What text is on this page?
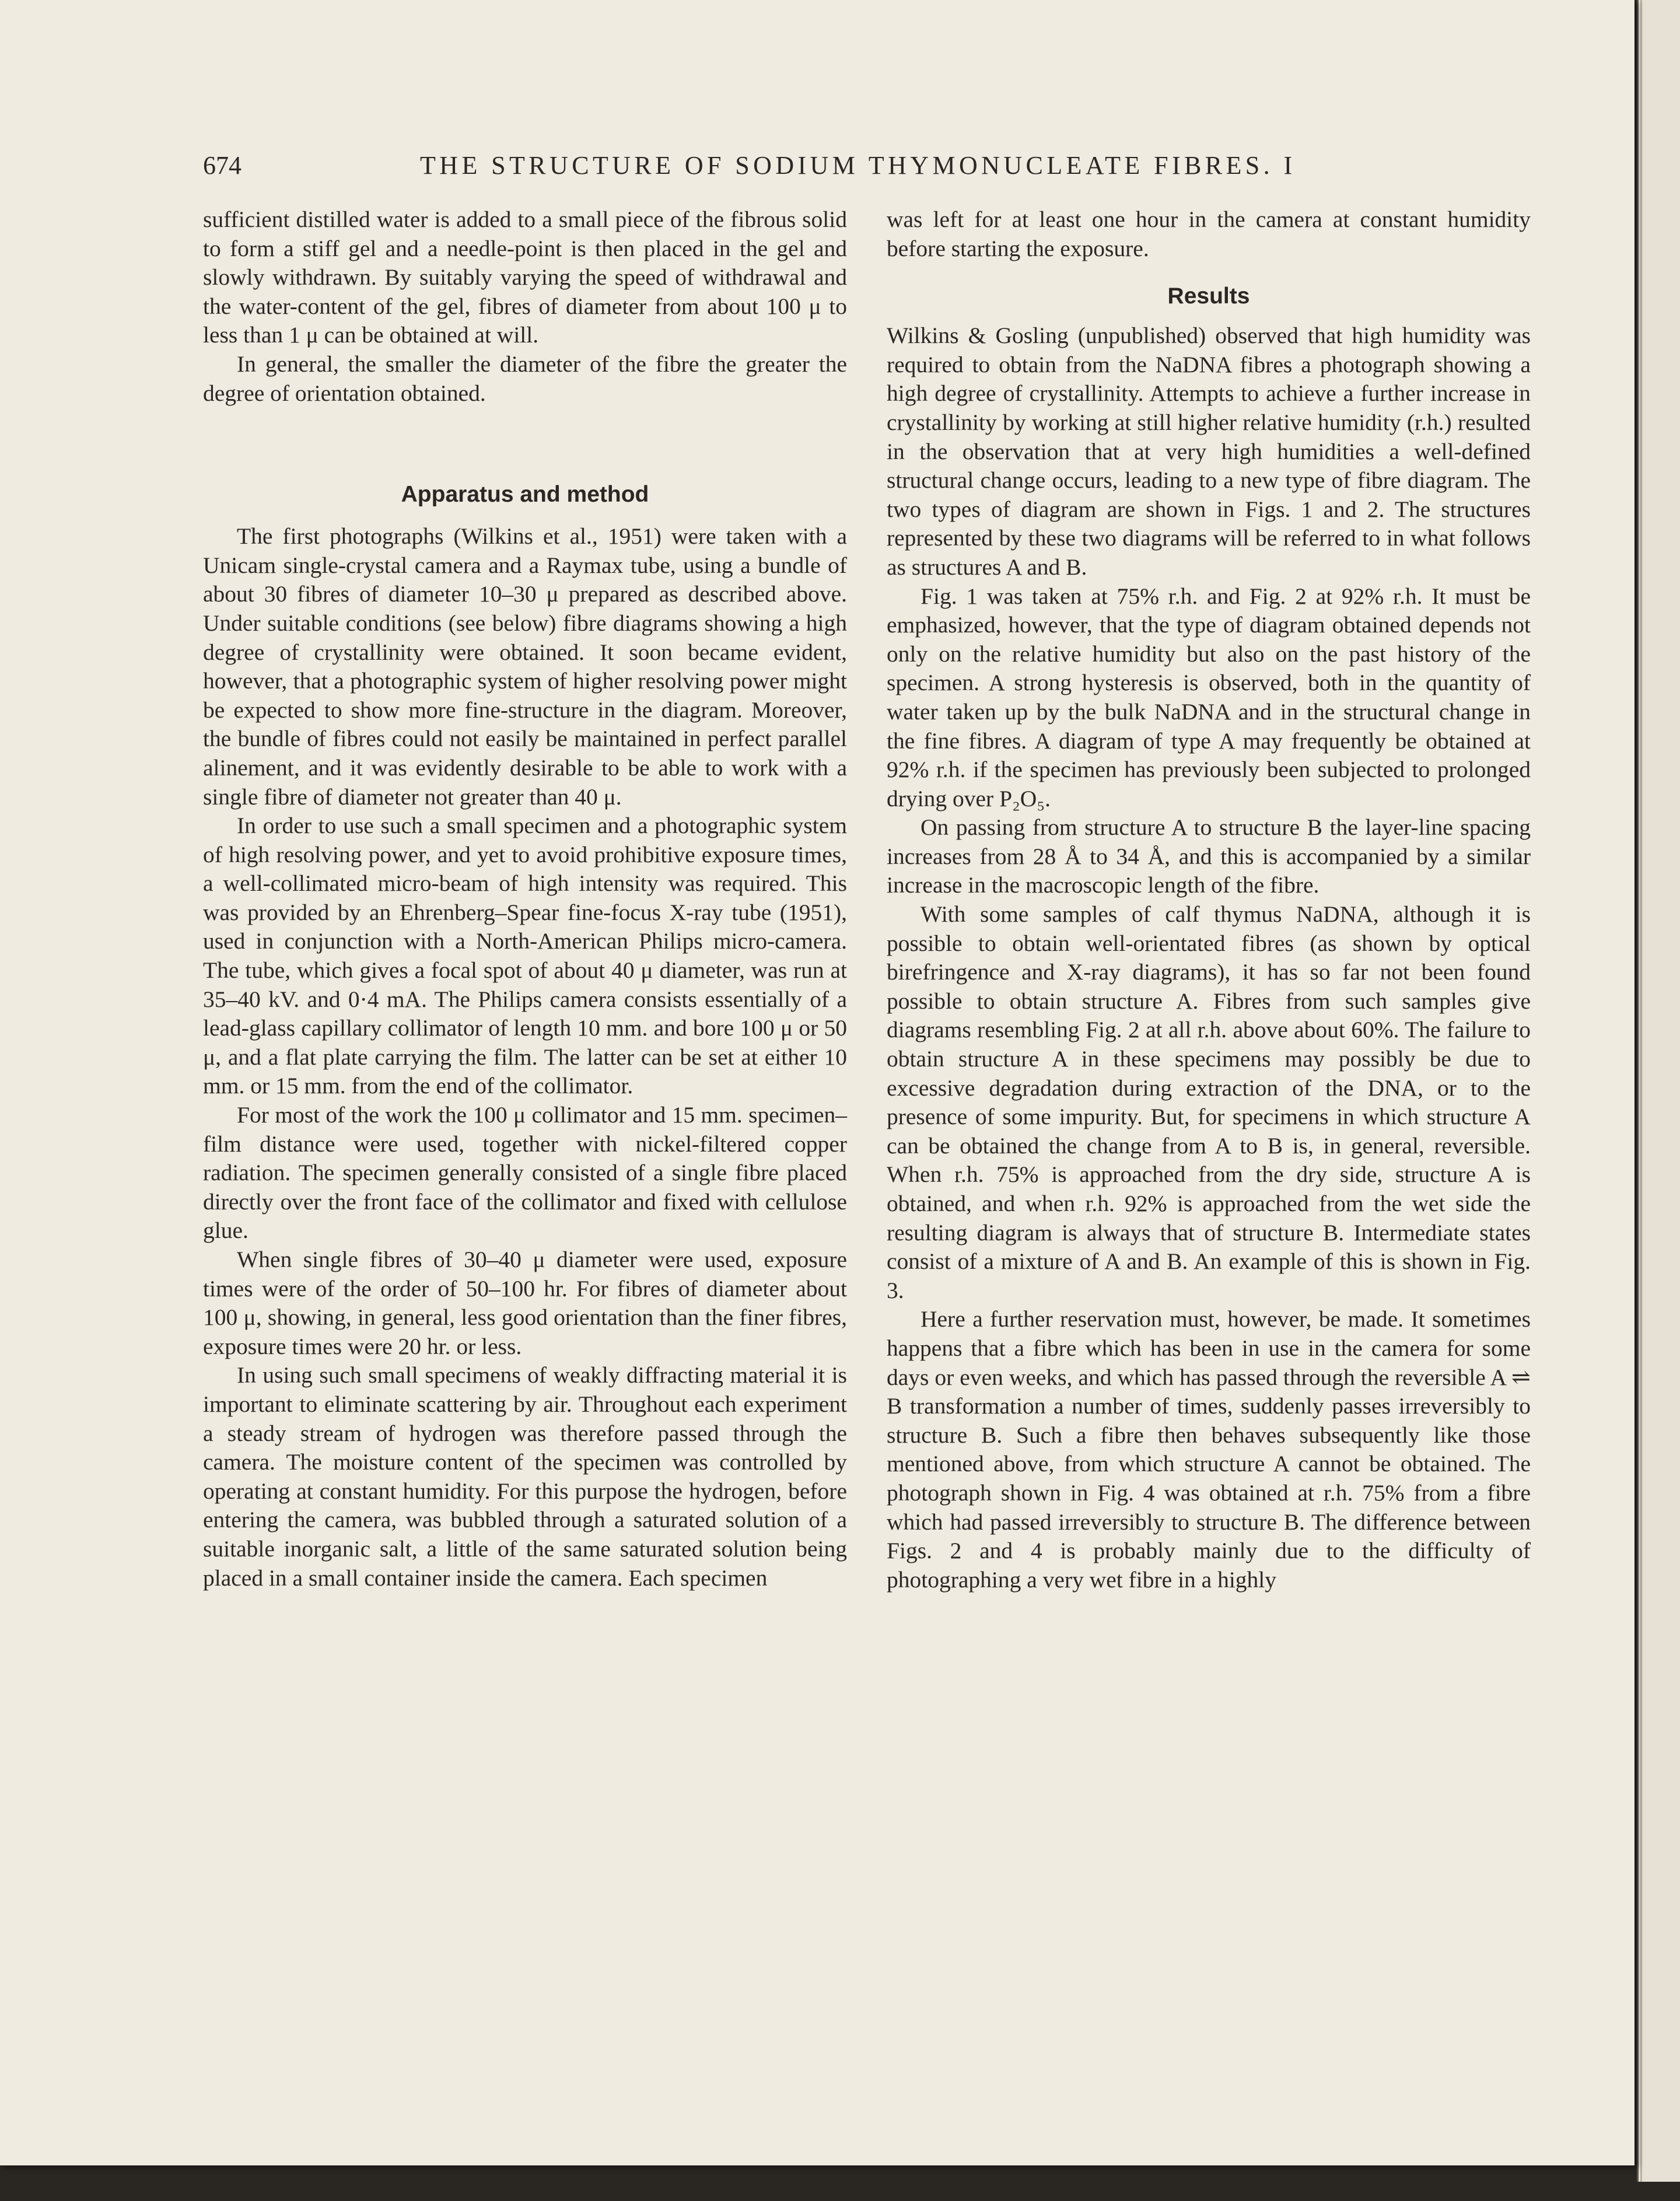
674	THE STRUCTURE OF SODIUM THYMONUCLEATE FIBRES. I

sufficient distilled water is added to a small piece of the fibrous solid to form a stiff gel and a needle-point is then placed in the gel and slowly withdrawn. By suitably varying the speed of withdrawal and the water-content of the gel, fibres of diameter from about 100 μ to less than 1 μ can be obtained at will.

In general, the smaller the diameter of the fibre the greater the degree of orientation obtained.

Apparatus and method

The first photographs (Wilkins et al., 1951) were taken with a Unicam single-crystal camera and a Raymax tube, using a bundle of about 30 fibres of diameter 10–30 μ prepared as described above. Under suitable conditions (see below) fibre diagrams showing a high degree of crystallinity were obtained. It soon became evident, however, that a photographic system of higher resolving power might be expected to show more fine-structure in the diagram. Moreover, the bundle of fibres could not easily be maintained in perfect parallel alinement, and it was evidently desirable to be able to work with a single fibre of diameter not greater than 40 μ.

In order to use such a small specimen and a photographic system of high resolving power, and yet to avoid prohibitive exposure times, a well-collimated micro-beam of high intensity was required. This was provided by an Ehrenberg–Spear fine-focus X-ray tube (1951), used in conjunction with a North-American Philips micro-camera. The tube, which gives a focal spot of about 40 μ diameter, was run at 35–40 kV. and 0·4 mA. The Philips camera consists essentially of a lead-glass capillary collimator of length 10 mm. and bore 100 μ or 50 μ, and a flat plate carrying the film. The latter can be set at either 10 mm. or 15 mm. from the end of the collimator.

For most of the work the 100 μ collimator and 15 mm. specimen–film distance were used, together with nickel-filtered copper radiation. The specimen generally consisted of a single fibre placed directly over the front face of the collimator and fixed with cellulose glue.

When single fibres of 30–40 μ diameter were used, exposure times were of the order of 50–100 hr. For fibres of diameter about 100 μ, showing, in general, less good orientation than the finer fibres, exposure times were 20 hr. or less.

In using such small specimens of weakly diffracting material it is important to eliminate scattering by air. Throughout each experiment a steady stream of hydrogen was therefore passed through the camera. The moisture content of the specimen was controlled by operating at constant humidity. For this purpose the hydrogen, before entering the camera, was bubbled through a saturated solution of a suitable inorganic salt, a little of the same saturated solution being placed in a small container inside the camera. Each specimen

was left for at least one hour in the camera at constant humidity before starting the exposure.

Results

Wilkins & Gosling (unpublished) observed that high humidity was required to obtain from the NaDNA fibres a photograph showing a high degree of crystallinity. Attempts to achieve a further increase in crystallinity by working at still higher relative humidity (r.h.) resulted in the observation that at very high humidities a well-defined structural change occurs, leading to a new type of fibre diagram. The two types of diagram are shown in Figs. 1 and 2. The structures represented by these two diagrams will be referred to in what follows as structures A and B.

Fig. 1 was taken at 75% r.h. and Fig. 2 at 92% r.h. It must be emphasized, however, that the type of diagram obtained depends not only on the relative humidity but also on the past history of the specimen. A strong hysteresis is observed, both in the quantity of water taken up by the bulk NaDNA and in the structural change in the fine fibres. A diagram of type A may frequently be obtained at 92% r.h. if the specimen has previously been subjected to prolonged drying over P₂O₅.

On passing from structure A to structure B the layer-line spacing increases from 28 Å to 34 Å, and this is accompanied by a similar increase in the macroscopic length of the fibre.

With some samples of calf thymus NaDNA, although it is possible to obtain well-orientated fibres (as shown by optical birefringence and X-ray diagrams), it has so far not been found possible to obtain structure A. Fibres from such samples give diagrams resembling Fig. 2 at all r.h. above about 60%. The failure to obtain structure A in these specimens may possibly be due to excessive degradation during extraction of the DNA, or to the presence of some impurity. But, for specimens in which structure A can be obtained the change from A to B is, in general, reversible. When r.h. 75% is approached from the dry side, structure A is obtained, and when r.h. 92% is approached from the wet side the resulting diagram is always that of structure B. Intermediate states consist of a mixture of A and B. An example of this is shown in Fig. 3.

Here a further reservation must, however, be made. It sometimes happens that a fibre which has been in use in the camera for some days or even weeks, and which has passed through the reversible A ⇌ B transformation a number of times, suddenly passes irreversibly to structure B. Such a fibre then behaves subsequently like those mentioned above, from which structure A cannot be obtained. The photograph shown in Fig. 4 was obtained at r.h. 75% from a fibre which had passed irreversibly to structure B. The difference between Figs. 2 and 4 is probably mainly due to the difficulty of photographing a very wet fibre in a highly
